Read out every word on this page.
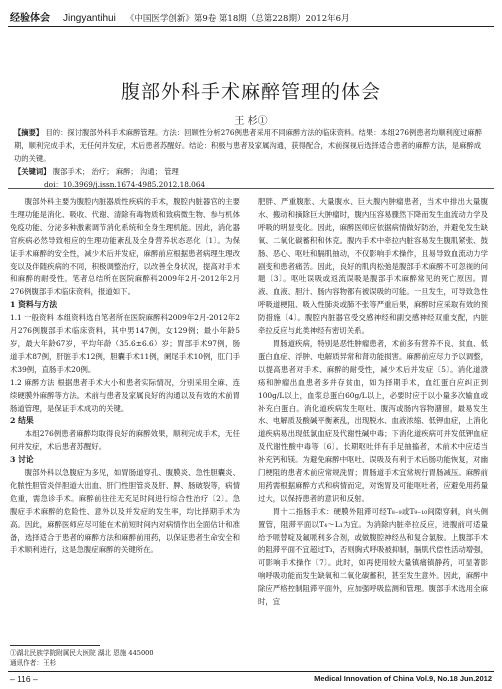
经验体会 Jingyantihui 《中国医学创新》第9卷 第18期（总第228期）2012年6月
腹部外科手术麻醉管理的体会
王 杉①
【摘要】 目的：探讨腹部外科手术麻醉管理。方法：回顾性分析276例患者采用不同麻醉方法的临床资料。结果：本组276例患者均顺利度过麻醉期，顺利完成手术，无任何并发症，术后患者苏醒好。结论：积极与患者及家属沟通，获得配合，术前探视后选择适合患者的麻醉方法，是麻醉成功的关键。
【关键词】 腹部手术； 治疗； 麻醉； 沟通； 管理
doi：10.3969/j.issn.1674-4985.2012.18.064

腹部外科主要为腹腔内脏器质性疾病的手术，腹腔内脏器官的主要生理功能是消化、吸收、代谢、清除有毒物质和致病微生物、参与机体免疫功能、分泌多种激素调节消化系统和全身生理机能。因此，消化器官疾病必然导致相应的生理功能紊乱及全身营养状态恶化〔1〕。为保证手术麻醉的安全性，减少术后并发症，麻醉前应根据患者病理生理改变以及伴随疾病的不同，积极调整治疗，以改善全身状况，提高对手术和麻醉的耐受性。笔者总结所在医院麻醉科2009年2月-2012年2月276例腹部手术临床资料，报道如下。

1 资料与方法

1.1 一般资料 本组资料选自笔者所在医院麻醉科2009年2月-2012年2月276例腹部手术临床资料，其中男147例，女129例；最小年龄5岁，最大年龄67岁，平均年龄（35.6±6.6）岁；胃部手术97例，肠道手术87例，肝脏手术12例，胆囊手术11例，阑尾手术10例，肛门手术39例，直肠手术20例。

1.2 麻醉方法 根据患者手术大小和患者实际情况，分别采用全麻、连续硬膜外麻醉等方法。术前与患者及家属良好的沟通以及有效的术前胃肠道管理，是保证手术成功的关键。

2 结果

本组276例患者麻醉均取得良好的麻醉效果，顺利完成手术，无任何并发症，术后患者苏醒好。

3 讨论

腹部外科以急腹症为多见，如胃肠道穿孔、腹膜炎、急性胆囊炎、化脓性胆管炎伴胆道大出血、肝门性胆管炎及肝、脾、肠破裂等，病情危重，需急诊手术。麻醉前往往无充足时间进行综合性治疗〔2〕。急腹症手术麻醉的危险性、意外以及并发症的发生率，均比择期手术为高。因此，麻醉医师应尽可能在术前短时间内对病情作出全面估计和准备，选择适合于患者的麻醉方法和麻醉前用药，以保证患者生命安全和手术顺利进行，这是急腹症麻醉的关键所在。

肥胖、严重腹胀、大量腹水、巨大腹内肿瘤患者，当术中排出大量腹水、搬动和摘除巨大肿瘤时，腹内压容易骤然下降而发生血流动力学及呼吸的明显变化。因此，麻醉医师应依据病情做好防治，并避免发生缺氧、二氧化碳蓄积和休克。腹内手术中牵拉内脏容易发生腹肌紧张、鼓肠、恶心、呕吐和膈肌抽动，不仅影响手术操作，且易导致血流动力学剧变和患者痛苦。因此，良好的肌肉松弛是腹部手术麻醉不可忽视的问题〔3〕。呕吐误吸或返流误吸是腹部手术麻醉常见的死亡原因。胃液、血液、胆汁、肠内容物都有被误吸的可能。一旦发生，可导致急性呼吸道梗阻、吸入性肺炎或肺不张等严重后果，麻醉时应采取有效的预防措施〔4〕。腹腔内脏器官受交感神经和副交感神经双重支配，内脏牵拉反应与此类神经有密切关系。

胃肠道疾病，特别是恶性肿瘤患者，术前多有营养不良、贫血、低蛋白血症、浮肿、电解质异常和肾功能损害。麻醉前应尽力予以调整，以提高患者对手术、麻醉的耐受性，减少术后并发症〔5〕。消化道溃疡和肿瘤出血患者多并存贫血，如为择期手术，血红蛋白应纠正到100g/L以上，血浆总蛋白60g/L以上，必要时应于以小量多次输血或补充白蛋白。消化道疾病发生呕吐、腹泻或肠内容物潴留，最易发生水、电解质及酸碱平衡紊乱，出现脱水、血液浓缩、低钾血症，上消化道疾病易出现低氯血症及代谢性碱中毒；下消化道疾病可并发低钾血症及代谢性酸中毒等〔6〕。长期呕吐伴有手足抽搐者，术前术中应适当补充钙和镁。为避免麻醉中呕吐、误吸及有利于术后肠功能恢复，对幽门梗阻的患者术前应常规洗胃；胃肠道手术宜常规行胃肠减压。麻醉前用药需根据麻醉方式和病情而定，对饱胃及可能呕吐者，应避免用药量过大，以保持患者的意识和反射。

胃十二指肠手术：硬膜外阻滞可经T₈₋₉或T₉₋₁₀间隙穿刺，向头侧置管，阻滞平面以T₄～L₁为宜。为消除内脏牵拉反应，进腹前可适量给予哌替啶及氟哌利多合剂，或做腹腔神经丛和复合氯胺。上腹部手术的阻滞平面不宜超过T₃，否则胸式呼吸被抑制，膈肌代偿性活动增强，可影响手术操作〔7〕。此时，如再使用较大量镇痛镇静药，可显著影响呼吸功能而发生缺氧和二氧化碳蓄积，甚至发生意外。因此，麻醉中除应严格控制阻滞平面外，应加强呼吸监测和管理。腹部手术选用全麻时，宜

①湖北民族学院附属民大医院 湖北 恩施 445000
通讯作者：王杉
– 116 –	Medical Innovation of China Vol.9, No.18 Jun.2012
